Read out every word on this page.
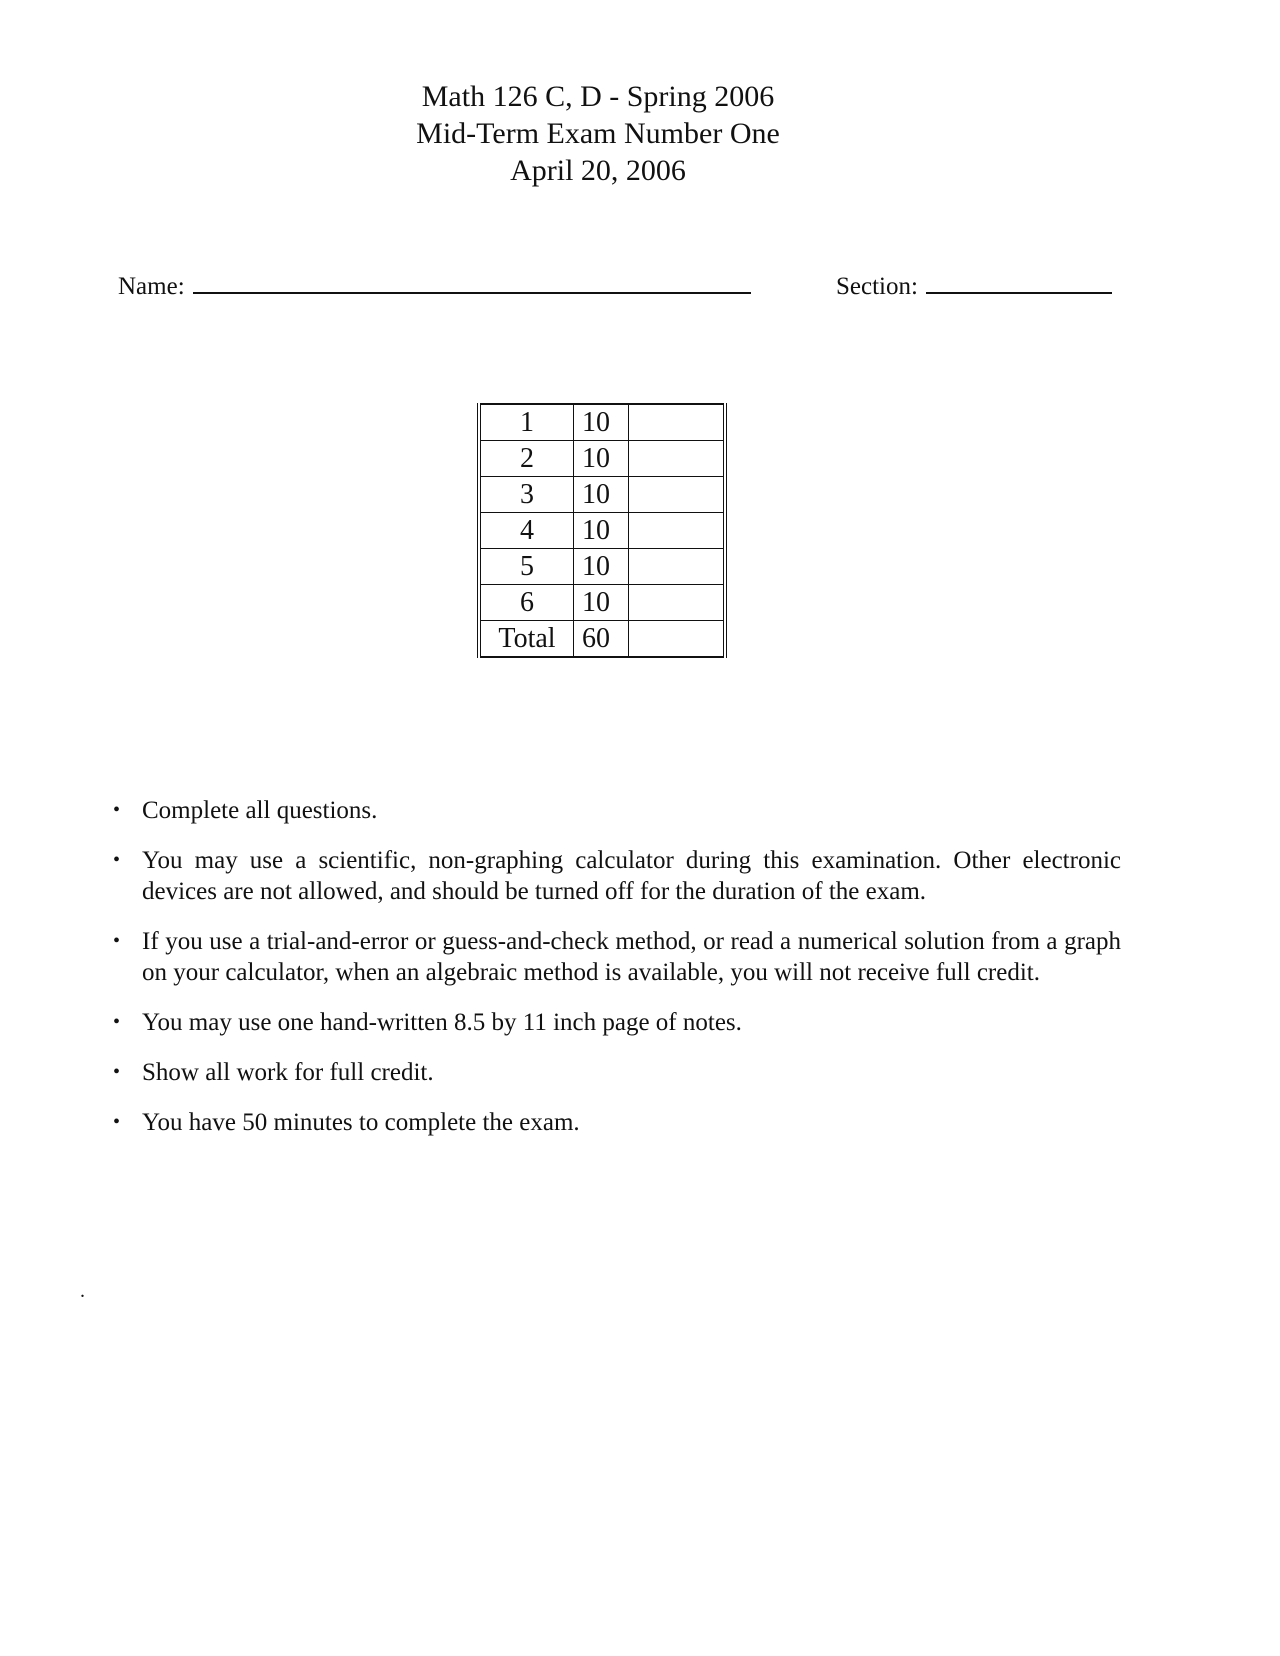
Math 126 C, D - Spring 2006
Mid-Term Exam Number One
April 20, 2006
Name:	Section:
1	10	
2	10	
3	10	
4	10	
5	10	
6	10	
Total	60	
• Complete all questions.
• You may use a scientific, non-graphing calculator during this examination. Other electronic devices are not allowed, and should be turned off for the duration of the exam.
• If you use a trial-and-error or guess-and-check method, or read a numerical solution from a graph on your calculator, when an algebraic method is available, you will not receive full credit.
• You may use one hand-written 8.5 by 11 inch page of notes.
• Show all work for full credit.
• You have 50 minutes to complete the exam.
.
